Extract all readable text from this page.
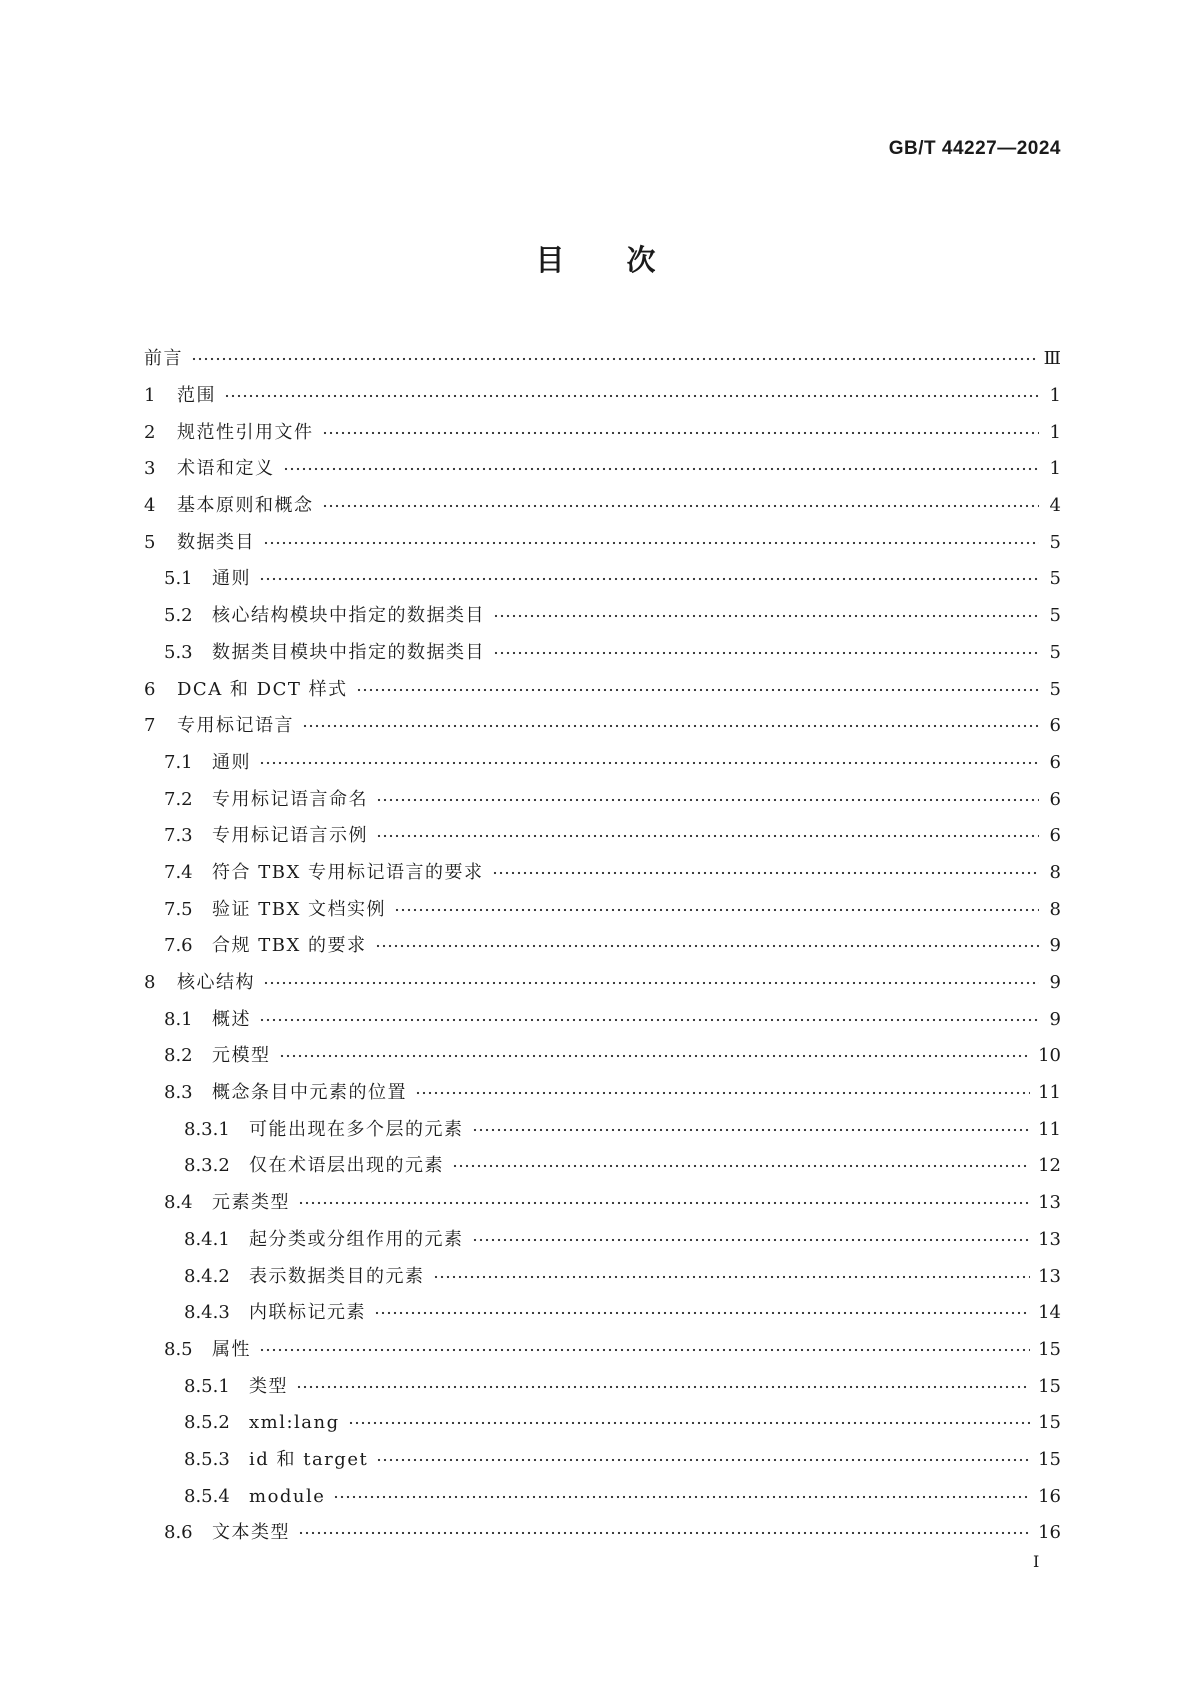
GB/T 44227—2024
目次
前言	Ⅲ
1	范围	1
2	规范性引用文件	1
3	术语和定义	1
4	基本原则和概念	4
5	数据类目	5
5.1 通则	5
5.2 核心结构模块中指定的数据类目	5
5.3 数据类目模块中指定的数据类目	5
6	DCA 和 DCT 样式	5
7	专用标记语言	6
7.1 通则	6
7.2 专用标记语言命名	6
7.3 专用标记语言示例	6
7.4 符合 TBX 专用标记语言的要求	8
7.5 验证 TBX 文档实例	8
7.6 合规 TBX 的要求	9
8	核心结构	9
8.1 概述	9
8.2 元模型	10
8.3 概念条目中元素的位置	11
8.3.1 可能出现在多个层的元素	11
8.3.2 仅在术语层出现的元素	12
8.4 元素类型	13
8.4.1 起分类或分组作用的元素	13
8.4.2 表示数据类目的元素	13
8.4.3 内联标记元素	14
8.5 属性	15
8.5.1 类型	15
8.5.2 xml:lang	15
8.5.3 id 和 target	15
8.5.4 module	16
8.6 文本类型	16
I
